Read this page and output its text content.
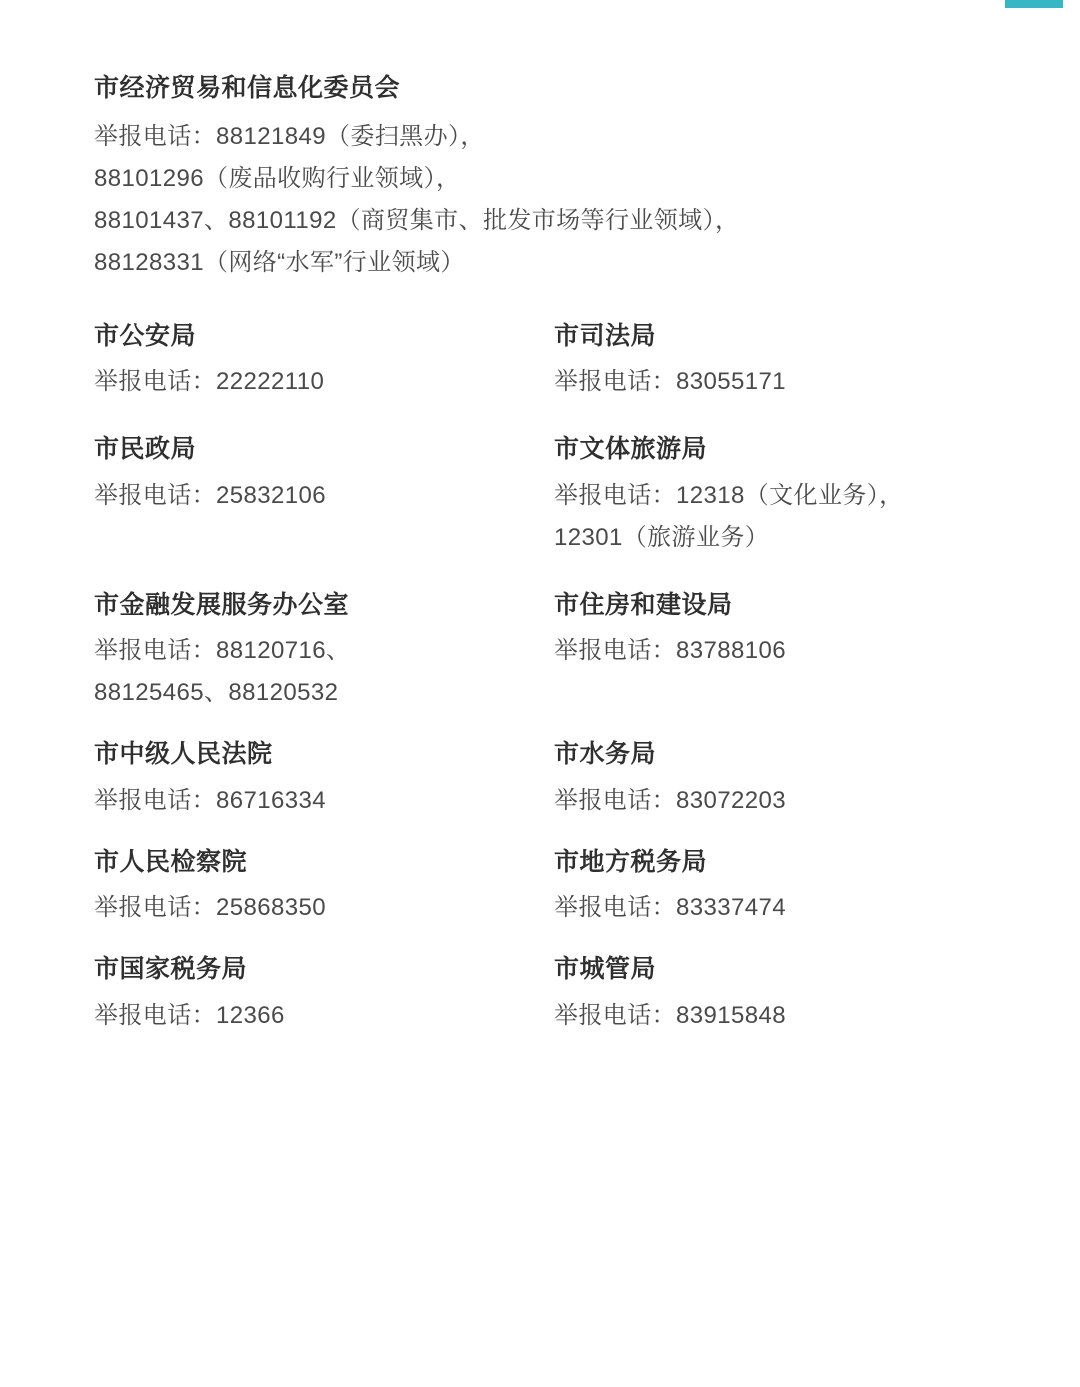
市经济贸易和信息化委员会
举报电话：88121849（委扫黑办），
88101296（废品收购行业领域），
88101437、88101192（商贸集市、批发市场等行业领域），
88128331（网络“水军”行业领域）
市公安局
举报电话：22222110
市司法局
举报电话：83055171
市民政局
举报电话：25832106
市文体旅游局
举报电话：12318（文化业务），
12301（旅游业务）
市金融发展服务办公室
举报电话：88120716、
88125465、88120532
市住房和建设局
举报电话：83788106
市中级人民法院
举报电话：86716334
市水务局
举报电话：83072203
市人民检察院
举报电话：25868350
市地方税务局
举报电话：83337474
市国家税务局
举报电话：12366
市城管局
举报电话：83915848
